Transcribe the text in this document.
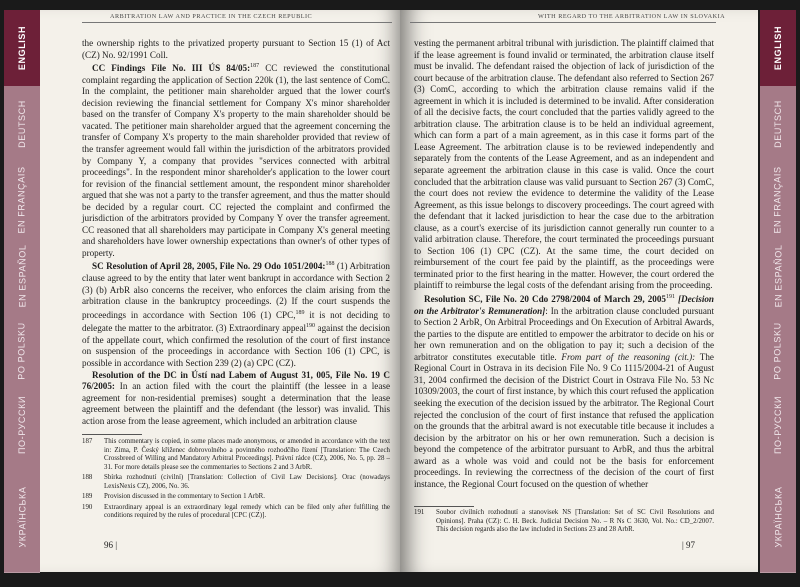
ENGLISH
DEUTSCH
EN FRANÇAIS
EN ESPAÑOL
PO POLSKU
ПО-РУССКИ
УКРАЇНСЬКА
ARBITRATION LAW AND PRACTICE IN THE CZECH REPUBLIC

the ownership rights to the privatized property pursuant to Section 15 (1) of Act (CZ) No. 92/1991 Coll.

CC Findings File No. III ÚS 84/05:$^{187}$ CC reviewed the constitutional complaint regarding the application of Section 220k (1), the last sentence of ComC. In the complaint, the petitioner main shareholder argued that the lower court's decision reviewing the financial settlement for Company X's minor shareholder based on the transfer of Company X's property to the main shareholder should be vacated. The petitioner main shareholder argued that the agreement concerning the transfer of Company X's property to the main shareholder provided that review of the transfer agreement would fall within the jurisdiction of the arbitrators provided by Company Y, a company that provides "services connected with arbitral proceedings". In the respondent minor shareholder's application to the lower court for revision of the financial settlement amount, the respondent minor shareholder argued that she was not a party to the transfer agreement, and thus the matter should be decided by a regular court. CC rejected the complaint and confirmed the jurisdiction of the arbitrators provided by Company Y over the transfer agreement. CC reasoned that all shareholders may participate in Company X's general meeting and shareholders have lower ownership expectations than owner's of other types of property.

SC Resolution of April 28, 2005, File No. 29 Odo 1051/2004:$^{188}$ (1) Arbitration clause agreed to by the entity that later went bankrupt in accordance with Section 2 (3) (b) ArbR also concerns the receiver, who enforces the claim arising from the arbitration clause in the bankruptcy proceedings. (2) If the court suspends the proceedings in accordance with Section 106 (1) CPC,$^{189}$ it is not deciding to delegate the matter to the arbitrator. (3) Extraordinary appeal$^{190}$ against the decision of the appellate court, which confirmed the resolution of the court of first instance on suspension of the proceedings in accordance with Section 106 (1) CPC, is possible in accordance with Section 239 (2) (a) CPC (CZ).

Resolution of the DC in Ústí nad Labem of August 31, 005, File No. 19 C 76/2005: In an action filed with the court the plaintiff (the lessee in a lease agreement for non-residential premises) sought a determination that the lease agreement between the plaintiff and the defendant (the lessor) was invalid. This action arose from the lease agreement, which included an arbitration clause

187	This commentary is copied, in some places made anonymous, or amended in accordance with the text in: Zima, P. Český křiženec dobrovolného a povinného rozhodčího řízení [Translation: The Czech Crossbreed of Willing and Mandatory Arbitral Proceedings]. Právní rádce (CZ), 2006, No. 5, pp. 28 – 31. For more details please see the commentaries to Sections 2 and 3 ArbR.
188	Sbírka rozhodnutí (civilní) [Translation: Collection of Civil Law Decisions]. Orac (nowadays LexisNexis CZ), 2006, No. 36.
189	Provision discussed in the commentary to Section 1 ArbR.
190	Extraordinary appeal is an extraordinary legal remedy which can be filed only after fulfilling the conditions required by the rules of procedural [CPC (CZ)].
96 |
WITH REGARD TO THE ARBITRATION LAW IN SLOVAKIA

vesting the permanent arbitral tribunal with jurisdiction. The plaintiff claimed that if the lease agreement is found invalid or terminated, the arbitration clause itself must be invalid. The defendant raised the objection of lack of jurisdiction of the court because of the arbitration clause. The defendant also referred to Section 267 (3) ComC, according to which the arbitration clause remains valid if the agreement in which it is included is determined to be invalid. After consideration of all the decisive facts, the court concluded that the parties validly agreed to the arbitration clause. The arbitration clause is to be held an individual agreement, which can form a part of a main agreement, as in this case it forms part of the Lease Agreement. The arbitration clause is to be reviewed independently and separately from the contents of the Lease Agreement, and as an independent and separate agreement the arbitration clause in this case is valid. Once the court concluded that the arbitration clause was valid pursuant to Section 267 (3) ComC, the court does not review the evidence to determine the validity of the Lease Agreement, as this issue belongs to discovery proceedings. The court agreed with the defendant that it lacked jurisdiction to hear the case due to the arbitration clause, as a court's exercise of its jurisdiction cannot generally run counter to a valid arbitration clause. Therefore, the court terminated the proceedings pursuant to Section 106 (1) CPC (CZ). At the same time, the court decided on reimbursement of the court fee paid by the plaintiff, as the proceedings were terminated prior to the first hearing in the matter. However, the court ordered the plaintiff to reimburse the legal costs of the defendant arising from the proceeding.

Resolution SC, File No. 20 Cdo 2798/2004 of March 29, 2005$^{191}$ [Decision on the Arbitrator's Remuneration]: In the arbitration clause concluded pursuant to Section 2 ArbR, On Arbitral Proceedings and On Execution of Arbitral Awards, the parties to the dispute are entitled to empower the arbitrator to decide on his or her own remuneration and on the obligation to pay it; such a decision of the arbitrator constitutes executable title. From part of the reasoning (cit.): The Regional Court in Ostrava in its decision File No. 9 Co 1115/2004-21 of August 31, 2004 confirmed the decision of the District Court in Ostrava File No. 53 Nc 10309/2003, the court of first instance, by which this court refused the application seeking the execution of the decision issued by the arbitrator. The Regional Court rejected the conclusion of the court of first instance that refused the application on the grounds that the arbitral award is not executable title because it includes a decision by the arbitrator on his or her own remuneration. Such a decision is beyond the competence of the arbitrator pursuant to ArbR, and thus the arbitral award as a whole was void and could not be the basis for enforcement proceedings. In reviewing the correctness of the decision of the court of first instance, the Regional Court focused on the question of whether

191	Soubor civilních rozhodnutí a stanovisek NS [Translation: Set of SC Civil Resolutions and Opinions]. Praha (CZ): C. H. Beck. Judicial Decision No. – R Ns C 3630, Vol. No.: CD_2/2007. This decision regards also the law included in Sections 23 and 28 ArbR.
| 97
ENGLISH
DEUTSCH
EN FRANÇAIS
EN ESPAÑOL
PO POLSKU
ПО-РУССКИ
УКРАЇНСЬКА
